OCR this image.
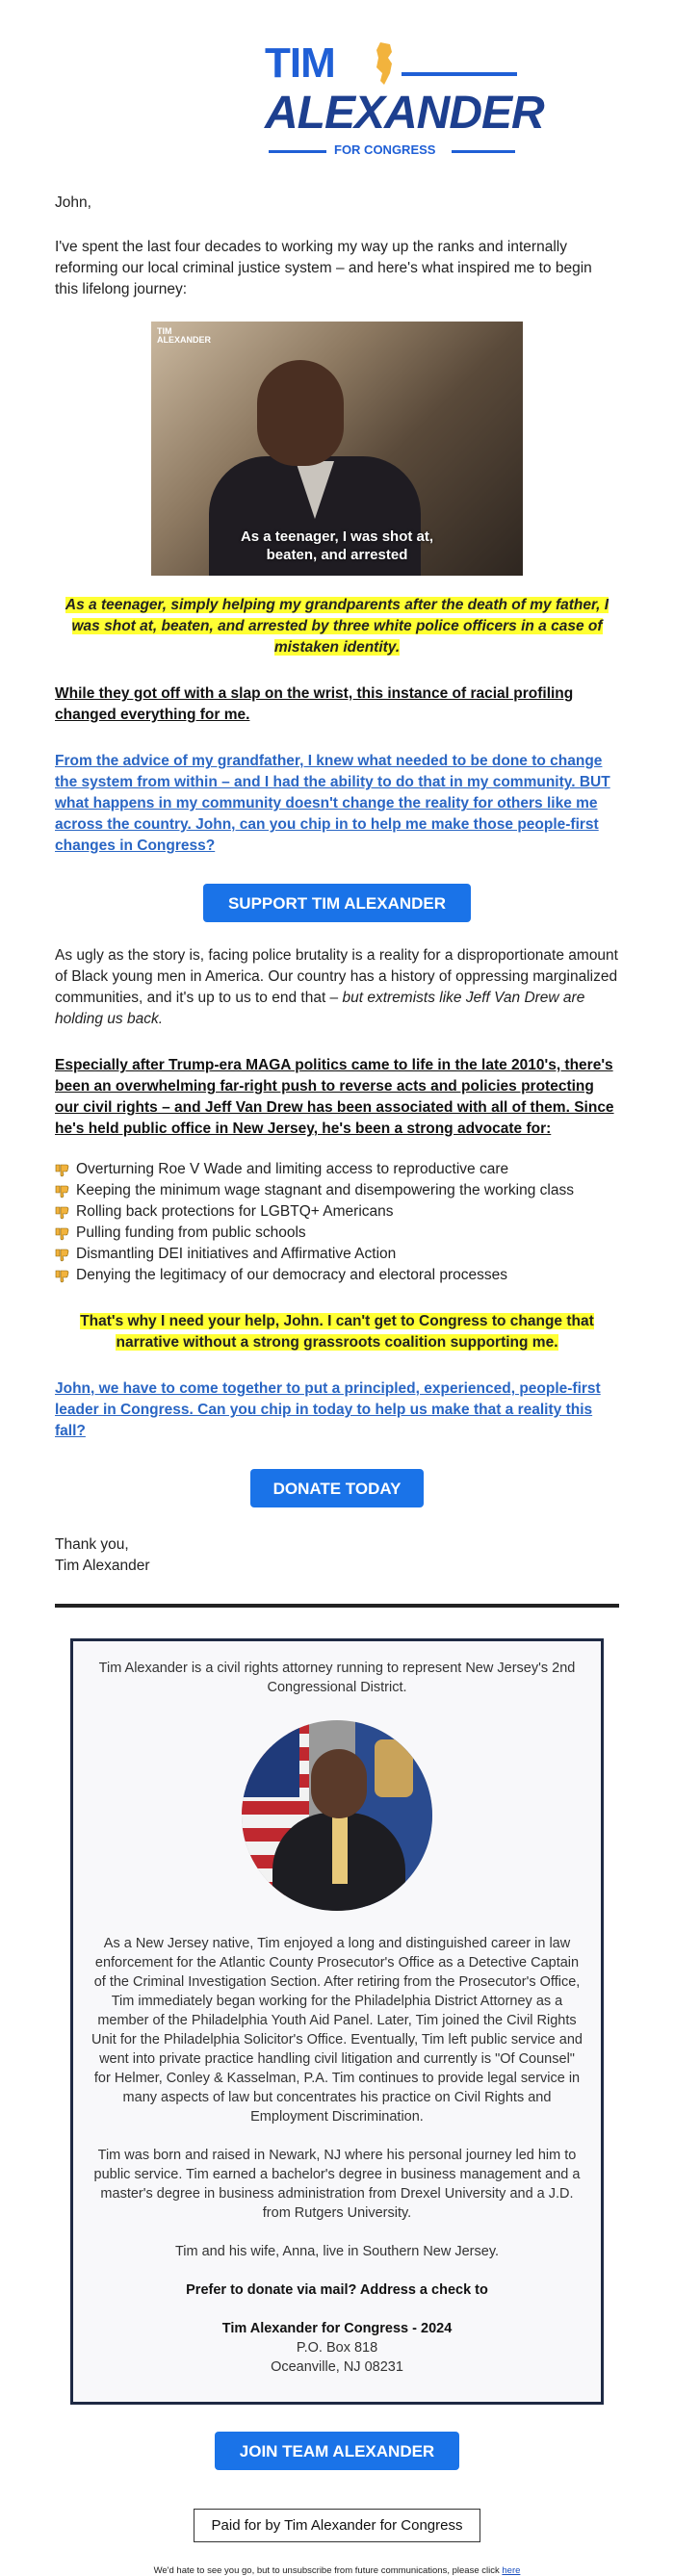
TIM
ALEXANDER
FOR CONGRESS

John,

I've spent the last four decades to working my way up the ranks and internally reforming our local criminal justice system – and here's what inspired me to begin this lifelong journey:

TIM
ALEXANDER
As a teenager, I was shot at, beaten, and arrested

As a teenager, simply helping my grandparents after the death of my father, I was shot at, beaten, and arrested by three white police officers in a case of mistaken identity.

While they got off with a slap on the wrist, this instance of racial profiling changed everything for me.

From the advice of my grandfather, I knew what needed to be done to change the system from within – and I had the ability to do that in my community. BUT what happens in my community doesn't change the reality for others like me across the country. John, can you chip in to help me make those people-first changes in Congress?

SUPPORT TIM ALEXANDER

As ugly as the story is, facing police brutality is a reality for a disproportionate amount of Black young men in America. Our country has a history of oppressing marginalized communities, and it's up to us to end that – but extremists like Jeff Van Drew are holding us back.

Especially after Trump-era MAGA politics came to life in the late 2010's, there's been an overwhelming far-right push to reverse acts and policies protecting our civil rights – and Jeff Van Drew has been associated with all of them. Since he's held public office in New Jersey, he's been a strong advocate for:

Overturning Roe V Wade and limiting access to reproductive care
Keeping the minimum wage stagnant and disempowering the working class
Rolling back protections for LGBTQ+ Americans
Pulling funding from public schools
Dismantling DEI initiatives and Affirmative Action
Denying the legitimacy of our democracy and electoral processes

That's why I need your help, John. I can't get to Congress to change that narrative without a strong grassroots coalition supporting me.

John, we have to come together to put a principled, experienced, people-first leader in Congress. Can you chip in today to help us make that a reality this fall?

DONATE TODAY

Thank you,

Tim Alexander

Tim Alexander is a civil rights attorney running to represent New Jersey's 2nd Congressional District.

As a New Jersey native, Tim enjoyed a long and distinguished career in law enforcement for the Atlantic County Prosecutor's Office as a Detective Captain of the Criminal Investigation Section. After retiring from the Prosecutor's Office, Tim immediately began working for the Philadelphia District Attorney as a member of the Philadelphia Youth Aid Panel. Later, Tim joined the Civil Rights Unit for the Philadelphia Solicitor's Office. Eventually, Tim left public service and went into private practice handling civil litigation and currently is "Of Counsel" for Helmer, Conley & Kasselman, P.A. Tim continues to provide legal service in many aspects of law but concentrates his practice on Civil Rights and Employment Discrimination.

Tim was born and raised in Newark, NJ where his personal journey led him to public service. Tim earned a bachelor's degree in business management and a master's degree in business administration from Drexel University and a J.D. from Rutgers University.

Tim and his wife, Anna, live in Southern New Jersey.

Prefer to donate via mail? Address a check to

Tim Alexander for Congress - 2024

P.O. Box 818

Oceanville, NJ 08231

JOIN TEAM ALEXANDER
Paid for by Tim Alexander for Congress
We'd hate to see you go, but to unsubscribe from future communications, please click here
